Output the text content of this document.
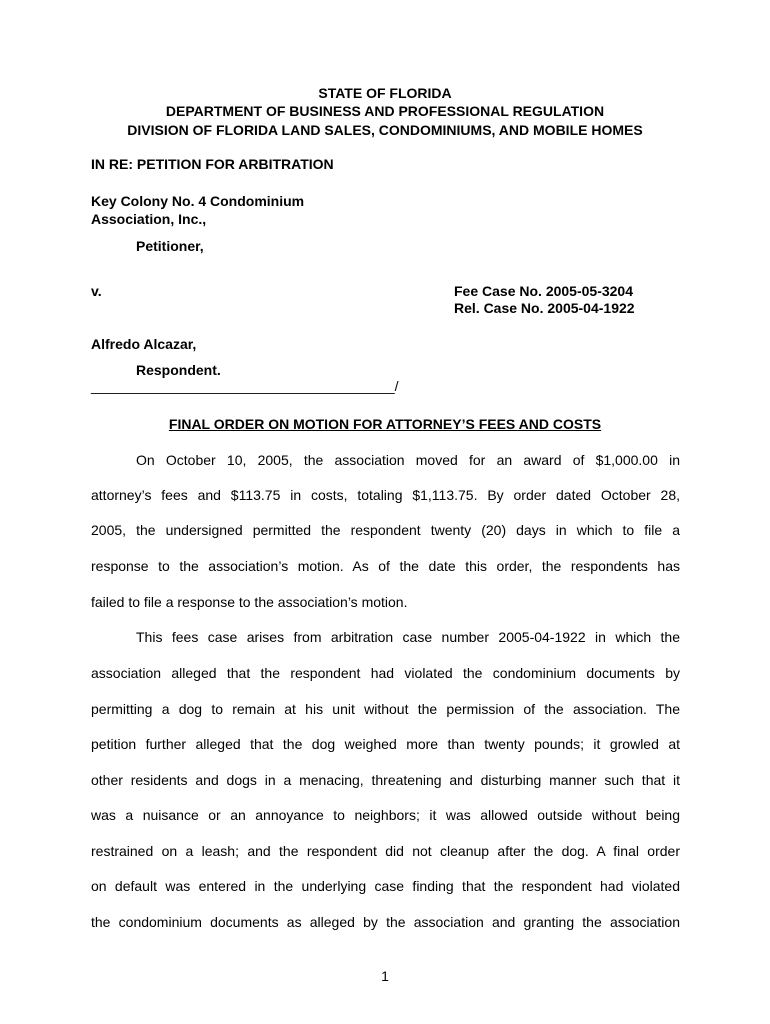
STATE OF FLORIDA
DEPARTMENT OF BUSINESS AND PROFESSIONAL REGULATION
DIVISION OF FLORIDA LAND SALES, CONDOMINIUMS, AND MOBILE HOMES
IN RE: PETITION FOR ARBITRATION
Key Colony No. 4 Condominium
Association, Inc.,
Petitioner,
v.	Fee Case No. 2005-05-3204
Rel. Case No. 2005-04-1922
Alfredo Alcazar,
Respondent.
_______________________________________/
FINAL ORDER ON MOTION FOR ATTORNEY’S FEES AND COSTS
On October 10, 2005, the association moved for an award of $1,000.00 in
attorney’s fees and $113.75 in costs, totaling $1,113.75. By order dated October 28,
2005, the undersigned permitted the respondent twenty (20) days in which to file a
response to the association’s motion. As of the date this order, the respondents has
failed to file a response to the association’s motion.
This fees case arises from arbitration case number 2005-04-1922 in which the
association alleged that the respondent had violated the condominium documents by
permitting a dog to remain at his unit without the permission of the association. The
petition further alleged that the dog weighed more than twenty pounds; it growled at
other residents and dogs in a menacing, threatening and disturbing manner such that it
was a nuisance or an annoyance to neighbors; it was allowed outside without being
restrained on a leash; and the respondent did not cleanup after the dog. A final order
on default was entered in the underlying case finding that the respondent had violated
the condominium documents as alleged by the association and granting the association
1
